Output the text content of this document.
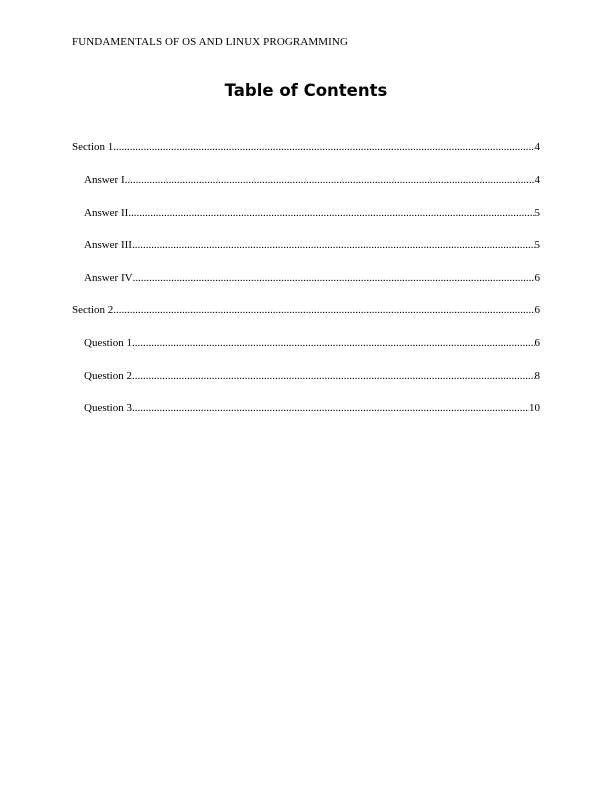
FUNDAMENTALS OF OS AND LINUX PROGRAMMING
Table of Contents
Section 1 .....	4
Answer I .....	4
Answer II .....	5
Answer III .....	5
Answer IV .....	6
Section 2 .....	6
Question 1 .....	6
Question 2 .....	8
Question 3 .....	10
